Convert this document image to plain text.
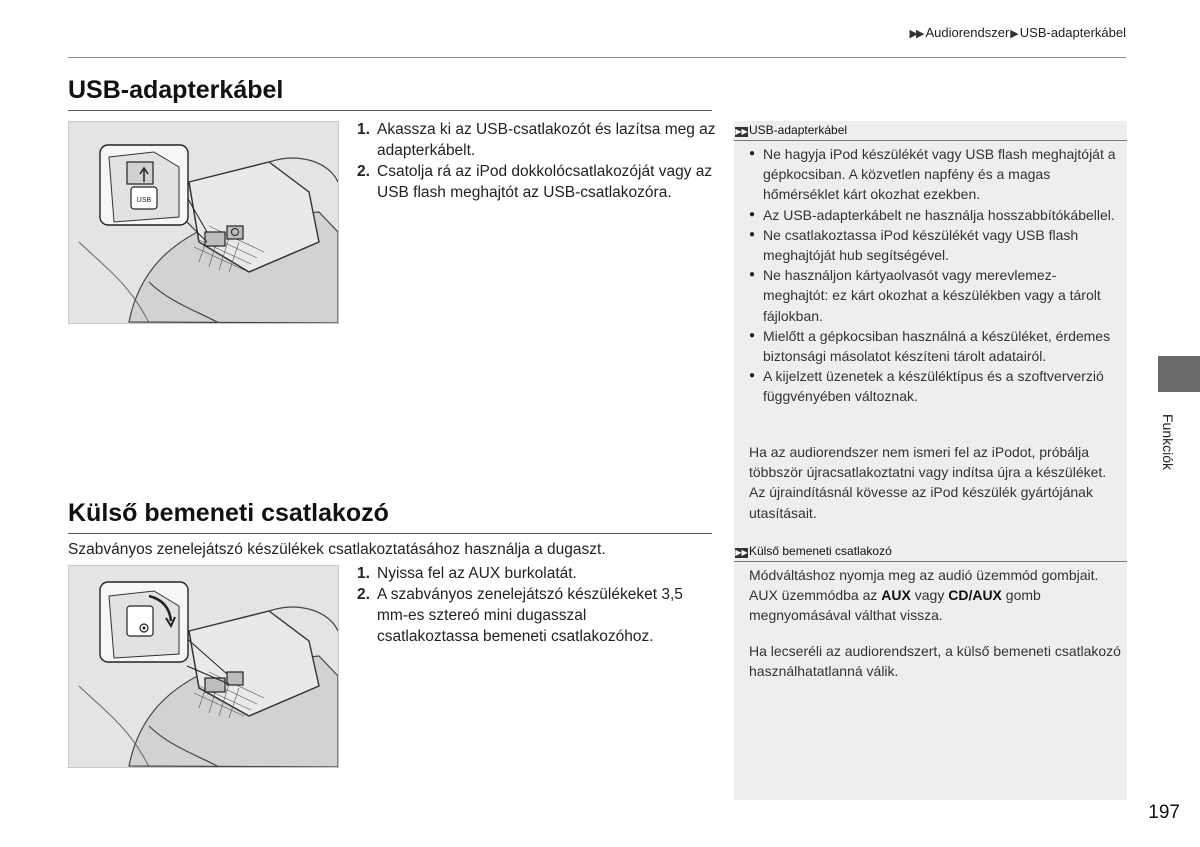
▶▶ Audiorendszer▶USB-adapterkábel
USB-adapterkábel
USB
1. Akassza ki az USB-csatlakozót és lazítsa meg az adapterkábelt.
2. Csatolja rá az iPod dokkolócsatlakozóját vagy az USB flash meghajtót az USB-csatlakozóra.
Külső bemeneti csatlakozó
Szabványos zenelejátszó készülékek csatlakoztatásához használja a dugaszt.
1. Nyissa fel az AUX burkolatát.
2. A szabványos zenelejátszó készülékeket 3,5 mm-es sztereó mini dugasszal csatlakoztassa bemeneti csatlakozóhoz.
▶▶USB-adapterkábel
● Ne hagyja iPod készülékét vagy USB flash meghajtóját a gépkocsiban. A közvetlen napfény és a magas hőmérséklet kárt okozhat ezekben.
● Az USB-adapterkábelt ne használja hosszabbítókábellel.
● Ne csatlakoztassa iPod készülékét vagy USB flash meghajtóját hub segítségével.
● Ne használjon kártyaolvasót vagy merevlemez-meghajtót: ez kárt okozhat a készülékben vagy a tárolt fájlokban.
● Mielőtt a gépkocsiban használná a készüléket, érdemes biztonsági másolatot készíteni tárolt adatairól.
● A kijelzett üzenetek a készüléktípus és a szoftververzió függvényében változnak.
Ha az audiorendszer nem ismeri fel az iPodot, próbálja többször újracsatlakoztatni vagy indítsa újra a készüléket. Az újraindításnál kövesse az iPod készülék gyártójának utasításait.
▶▶Külső bemeneti csatlakozó
Módváltáshoz nyomja meg az audió üzemmód gombjait. AUX üzemmódba az AUX vagy CD/AUX gomb megnyomásával válthat vissza.
Ha lecseréli az audiorendszert, a külső bemeneti csatlakozó használhatatlanná válik.
Funkciók
197
